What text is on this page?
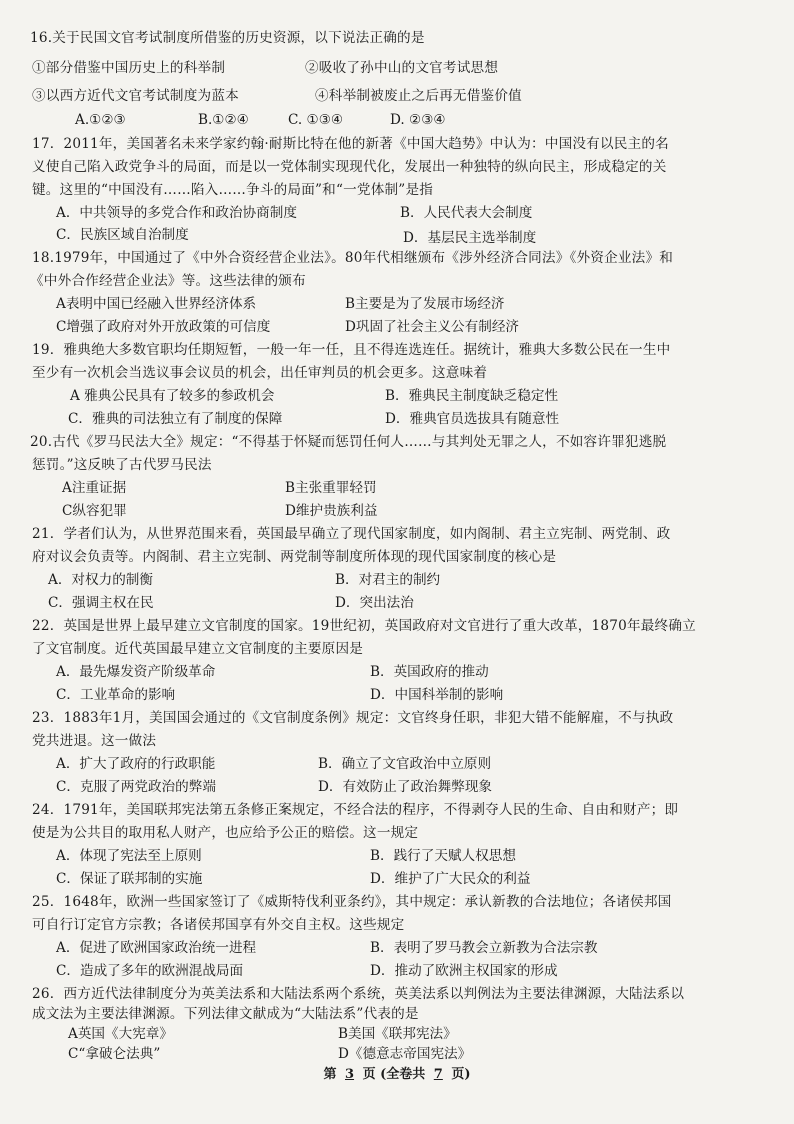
16.关于民国文官考试制度所借鉴的历史资源，以下说法正确的是
①部分借鉴中国历史上的科举制	②吸收了孙中山的文官考试思想
③以西方近代文官考试制度为蓝本	④科举制被废止之后再无借鉴价值
A.①②③	B.①②④	C. ①③④	D. ②③④
17．2011年，美国著名未来学家约翰·耐斯比特在他的新著《中国大趋势》中认为：中国没有以民主的名
义使自己陷入政党争斗的局面，而是以一党体制实现现代化，发展出一种独特的纵向民主，形成稳定的关
键。这里的“中国没有……陷入……争斗的局面”和“一党体制”是指
A．中共领导的多党合作和政治协商制度	B．人民代表大会制度
C．民族区域自治制度	D．基层民主选举制度
18.1979年，中国通过了《中外合资经营企业法》。80年代相继颁布《涉外经济合同法》《外资企业法》和
《中外合作经营企业法》等。这些法律的颁布
A表明中国已经融入世界经济体系	B主要是为了发展市场经济
C增强了政府对外开放政策的可信度	D巩固了社会主义公有制经济
19．雅典绝大多数官职均任期短暂，一般一年一任，且不得连选连任。据统计，雅典大多数公民在一生中
至少有一次机会当选议事会议员的机会，出任审判员的机会更多。这意味着
A 雅典公民具有了较多的参政机会	B．雅典民主制度缺乏稳定性
C．雅典的司法独立有了制度的保障	D．雅典官员选拔具有随意性
20.古代《罗马民法大全》规定：“不得基于怀疑而惩罚任何人……与其判处无罪之人，不如容许罪犯逃脱
惩罚。”这反映了古代罗马民法
A注重证据	B主张重罪轻罚
C纵容犯罪	D维护贵族利益
21．学者们认为，从世界范围来看，英国最早确立了现代国家制度，如内阁制、君主立宪制、两党制、政
府对议会负责等。内阁制、君主立宪制、两党制等制度所体现的现代国家制度的核心是
A．对权力的制衡	B．对君主的制约
C．强调主权在民	D．突出法治
22．英国是世界上最早建立文官制度的国家。19世纪初，英国政府对文官进行了重大改革，1870年最终确立
了文官制度。近代英国最早建立文官制度的主要原因是
A．最先爆发资产阶级革命	B．英国政府的推动
C．工业革命的影响	D．中国科举制的影响
23．1883年1月，美国国会通过的《文官制度条例》规定：文官终身任职，非犯大错不能解雇，不与执政
党共进退。这一做法
A．扩大了政府的行政职能	B．确立了文官政治中立原则
C．克服了两党政治的弊端	D．有效防止了政治舞弊现象
24．1791年，美国联邦宪法第五条修正案规定，不经合法的程序，不得剥夺人民的生命、自由和财产；即
使是为公共目的取用私人财产，也应给予公正的赔偿。这一规定
A．体现了宪法至上原则	B．践行了天赋人权思想
C．保证了联邦制的实施	D．维护了广大民众的利益
25．1648年，欧洲一些国家签订了《威斯特伐利亚条约》，其中规定：承认新教的合法地位；各诸侯邦国
可自行订定官方宗教；各诸侯邦国享有外交自主权。这些规定
A．促进了欧洲国家政治统一进程	B．表明了罗马教会立新教为合法宗教
C．造成了多年的欧洲混战局面	D．推动了欧洲主权国家的形成
26．西方近代法律制度分为英美法系和大陆法系两个系统，英美法系以判例法为主要法律渊源，大陆法系以
成文法为主要法律渊源。下列法律文献成为“大陆法系”代表的是
A英国《大宪章》	B美国《联邦宪法》
C“拿破仑法典”	D《德意志帝国宪法》
第 3 页 (全卷共 7 页)
